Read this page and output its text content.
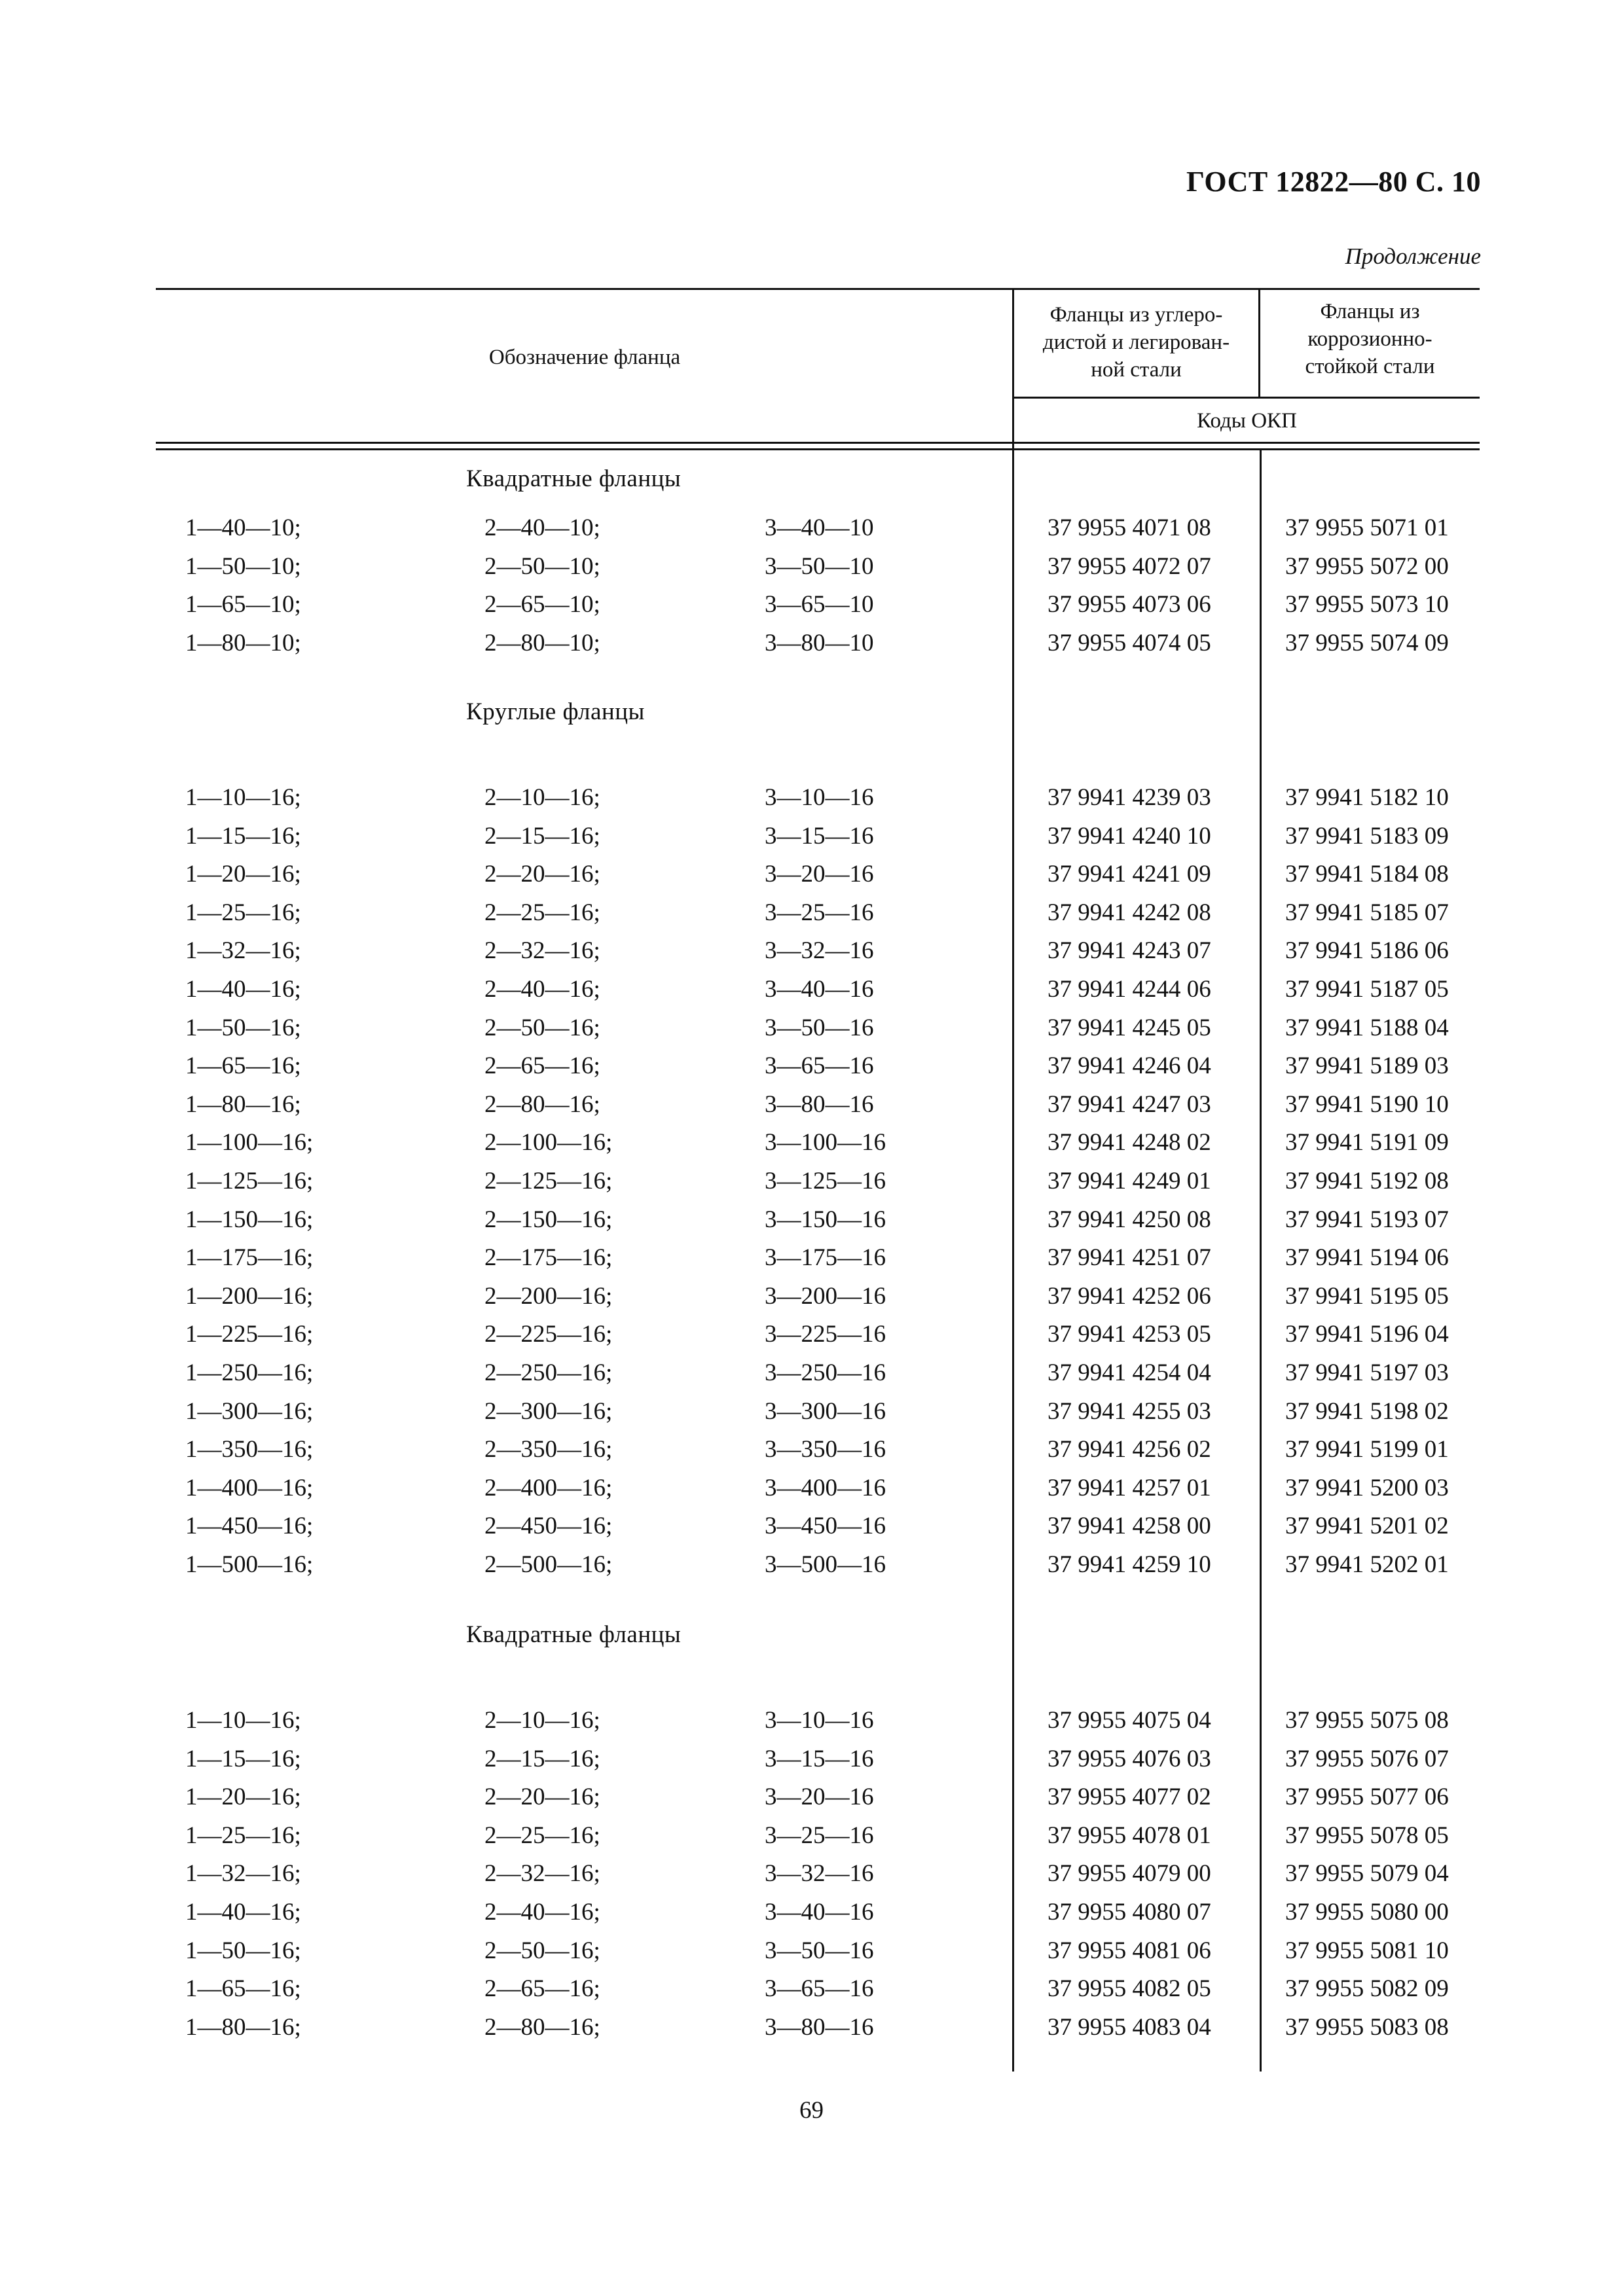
ГОСТ 12822—80 С. 10
Продолжение
Обозначение фланца
Фланцы из углеро-
дистой и легирован-
ной стали
Фланцы из
коррозионно-
стойкой стали
Коды ОКП
Квадратные фланцы
1—40—10;	2—40—10;	3—40—10	37 9955 4071 08	37 9955 5071 01
1—50—10;	2—50—10;	3—50—10	37 9955 4072 07	37 9955 5072 00
1—65—10;	2—65—10;	3—65—10	37 9955 4073 06	37 9955 5073 10
1—80—10;	2—80—10;	3—80—10	37 9955 4074 05	37 9955 5074 09
Круглые фланцы
1—10—16;	2—10—16;	3—10—16	37 9941 4239 03	37 9941 5182 10
1—15—16;	2—15—16;	3—15—16	37 9941 4240 10	37 9941 5183 09
1—20—16;	2—20—16;	3—20—16	37 9941 4241 09	37 9941 5184 08
1—25—16;	2—25—16;	3—25—16	37 9941 4242 08	37 9941 5185 07
1—32—16;	2—32—16;	3—32—16	37 9941 4243 07	37 9941 5186 06
1—40—16;	2—40—16;	3—40—16	37 9941 4244 06	37 9941 5187 05
1—50—16;	2—50—16;	3—50—16	37 9941 4245 05	37 9941 5188 04
1—65—16;	2—65—16;	3—65—16	37 9941 4246 04	37 9941 5189 03
1—80—16;	2—80—16;	3—80—16	37 9941 4247 03	37 9941 5190 10
1—100—16;	2—100—16;	3—100—16	37 9941 4248 02	37 9941 5191 09
1—125—16;	2—125—16;	3—125—16	37 9941 4249 01	37 9941 5192 08
1—150—16;	2—150—16;	3—150—16	37 9941 4250 08	37 9941 5193 07
1—175—16;	2—175—16;	3—175—16	37 9941 4251 07	37 9941 5194 06
1—200—16;	2—200—16;	3—200—16	37 9941 4252 06	37 9941 5195 05
1—225—16;	2—225—16;	3—225—16	37 9941 4253 05	37 9941 5196 04
1—250—16;	2—250—16;	3—250—16	37 9941 4254 04	37 9941 5197 03
1—300—16;	2—300—16;	3—300—16	37 9941 4255 03	37 9941 5198 02
1—350—16;	2—350—16;	3—350—16	37 9941 4256 02	37 9941 5199 01
1—400—16;	2—400—16;	3—400—16	37 9941 4257 01	37 9941 5200 03
1—450—16;	2—450—16;	3—450—16	37 9941 4258 00	37 9941 5201 02
1—500—16;	2—500—16;	3—500—16	37 9941 4259 10	37 9941 5202 01
Квадратные фланцы
1—10—16;	2—10—16;	3—10—16	37 9955 4075 04	37 9955 5075 08
1—15—16;	2—15—16;	3—15—16	37 9955 4076 03	37 9955 5076 07
1—20—16;	2—20—16;	3—20—16	37 9955 4077 02	37 9955 5077 06
1—25—16;	2—25—16;	3—25—16	37 9955 4078 01	37 9955 5078 05
1—32—16;	2—32—16;	3—32—16	37 9955 4079 00	37 9955 5079 04
1—40—16;	2—40—16;	3—40—16	37 9955 4080 07	37 9955 5080 00
1—50—16;	2—50—16;	3—50—16	37 9955 4081 06	37 9955 5081 10
1—65—16;	2—65—16;	3—65—16	37 9955 4082 05	37 9955 5082 09
1—80—16;	2—80—16;	3—80—16	37 9955 4083 04	37 9955 5083 08
69
